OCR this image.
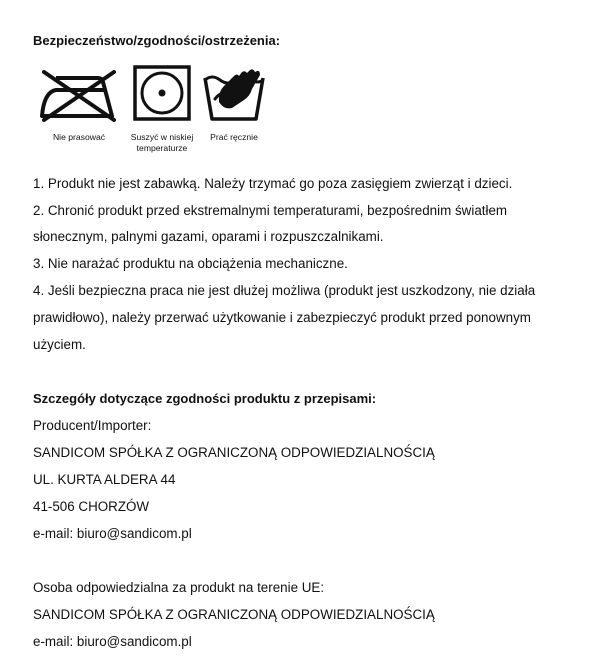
Bezpieczeństwo/zgodności/ostrzeżenia:
Nie prasować	Suszyć w niskiej
temperaturze
Prać ręcznie
1. Produkt nie jest zabawką. Należy trzymać go poza zasięgiem zwierząt i dzieci.
2. Chronić produkt przed ekstremalnymi temperaturami, bezpośrednim światłem
słonecznym, palnymi gazami, oparami i rozpuszczalnikami.
3. Nie narażać produktu na obciążenia mechaniczne.
4. Jeśli bezpieczna praca nie jest dłużej możliwa (produkt jest uszkodzony, nie działa
prawidłowo), należy przerwać użytkowanie i zabezpieczyć produkt przed ponownym
użyciem.
Szczegóły dotyczące zgodności produktu z przepisami:
Producent/Importer:
SANDICOM SPÓŁKA Z OGRANICZONĄ ODPOWIEDZIALNOŚCIĄ
UL. KURTA ALDERA 44
41-506 CHORZÓW
e-mail: biuro@sandicom.pl
Osoba odpowiedzialna za produkt na terenie UE:
SANDICOM SPÓŁKA Z OGRANICZONĄ ODPOWIEDZIALNOŚCIĄ
e-mail: biuro@sandicom.pl
